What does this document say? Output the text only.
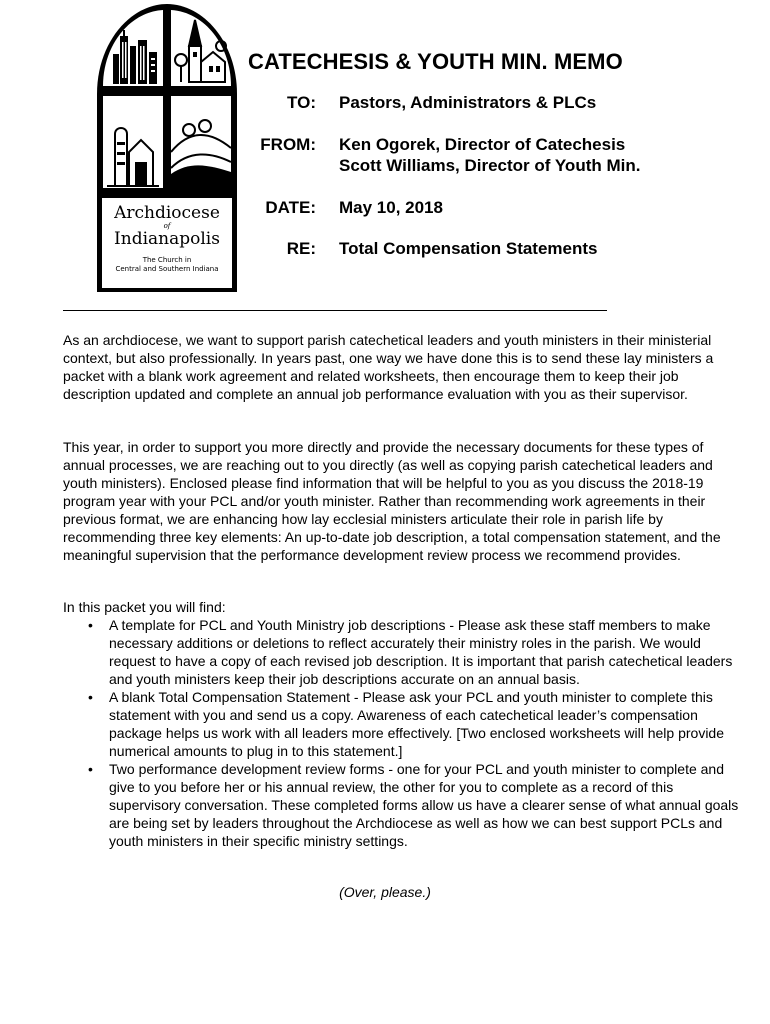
Archdiocese
of
Indianapolis
The Church in
Central and Southern Indiana
CATECHESIS & YOUTH MIN. MEMO
TO: Pastors, Administrators & PLCs
FROM: Ken Ogorek, Director of Catechesis
Scott Williams, Director of Youth Min.
DATE: May 10, 2018
RE: Total Compensation Statements

As an archdiocese, we want to support parish catechetical leaders and youth ministers in their ministerial context, but also professionally. In years past, one way we have done this is to send these lay ministers a packet with a blank work agreement and related worksheets, then encourage them to keep their job description updated and complete an annual job performance evaluation with you as their supervisor.

This year, in order to support you more directly and provide the necessary documents for these types of annual processes, we are reaching out to you directly (as well as copying parish catechetical leaders and youth ministers). Enclosed please find information that will be helpful to you as you discuss the 2018-19 program year with your PCL and/or youth minister. Rather than recommending work agreements in their previous format, we are enhancing how lay ecclesial ministers articulate their role in parish life by recommending three key elements: An up-to-date job description, a total compensation statement, and the meaningful supervision that the performance development review process we recommend provides.

In this packet you will find:

• A template for PCL and Youth Ministry job descriptions - Please ask these staff members to make necessary additions or deletions to reflect accurately their ministry roles in the parish. We would request to have a copy of each revised job description. It is important that parish catechetical leaders and youth ministers keep their job descriptions accurate on an annual basis.
• A blank Total Compensation Statement - Please ask your PCL and youth minister to complete this statement with you and send us a copy. Awareness of each catechetical leader’s compensation package helps us work with all leaders more effectively. [Two enclosed worksheets will help provide numerical amounts to plug in to this statement.]
• Two performance development review forms - one for your PCL and youth minister to complete and give to you before her or his annual review, the other for you to complete as a record of this supervisory conversation. These completed forms allow us have a clearer sense of what annual goals are being set by leaders throughout the Archdiocese as well as how we can best support PCLs and youth ministers in their specific ministry settings.
(Over, please.)
